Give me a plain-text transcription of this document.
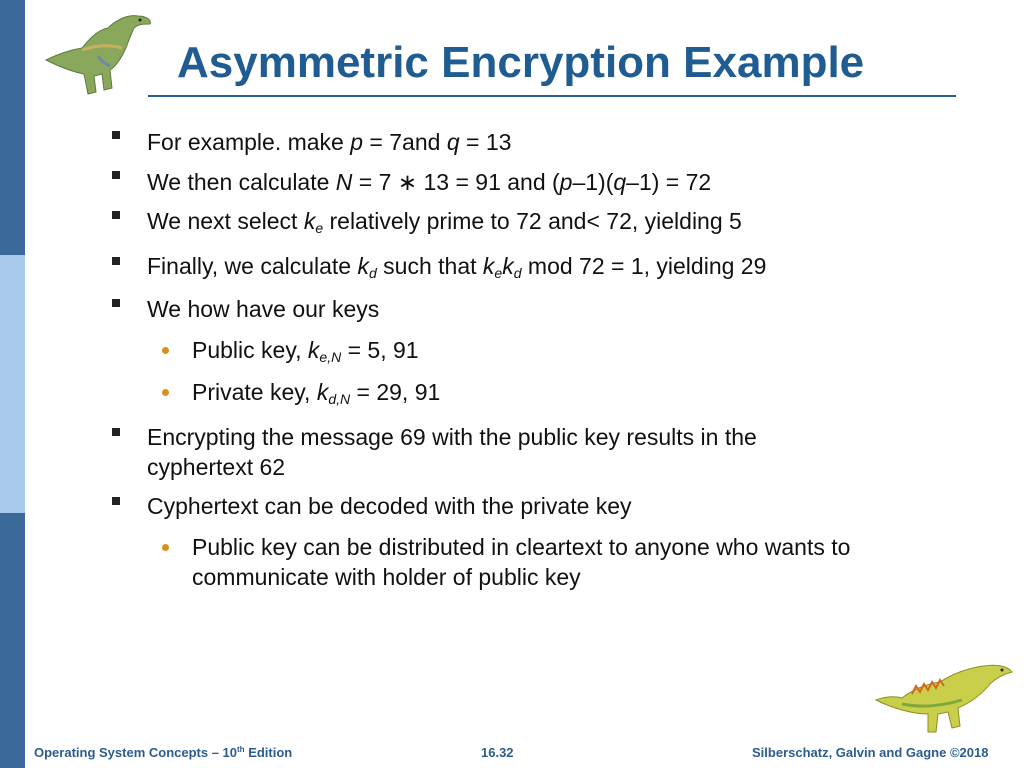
Asymmetric Encryption Example
For example. make p = 7and q = 13
We then calculate N = 7 ∗ 13 = 91 and (p–1)(q–1) = 72
We next select $k_e$ relatively prime to 72 and< 72, yielding 5
Finally, we calculate $k_d$ such that $k_ek_d$ mod 72 = 1, yielding 29
We how have our keys
Public key, $k_{e,N} = 5$, 91
Private key, $k_{d,N} = 29$, 91
Encrypting the message 69 with the public key results in the
cyphertext 62
Cyphertext can be decoded with the private key
Public key can be distributed in cleartext to anyone who wants to
communicate with holder of public key
Operating System Concepts – 10th Edition	16.32	Silberschatz, Galvin and Gagne ©2018
